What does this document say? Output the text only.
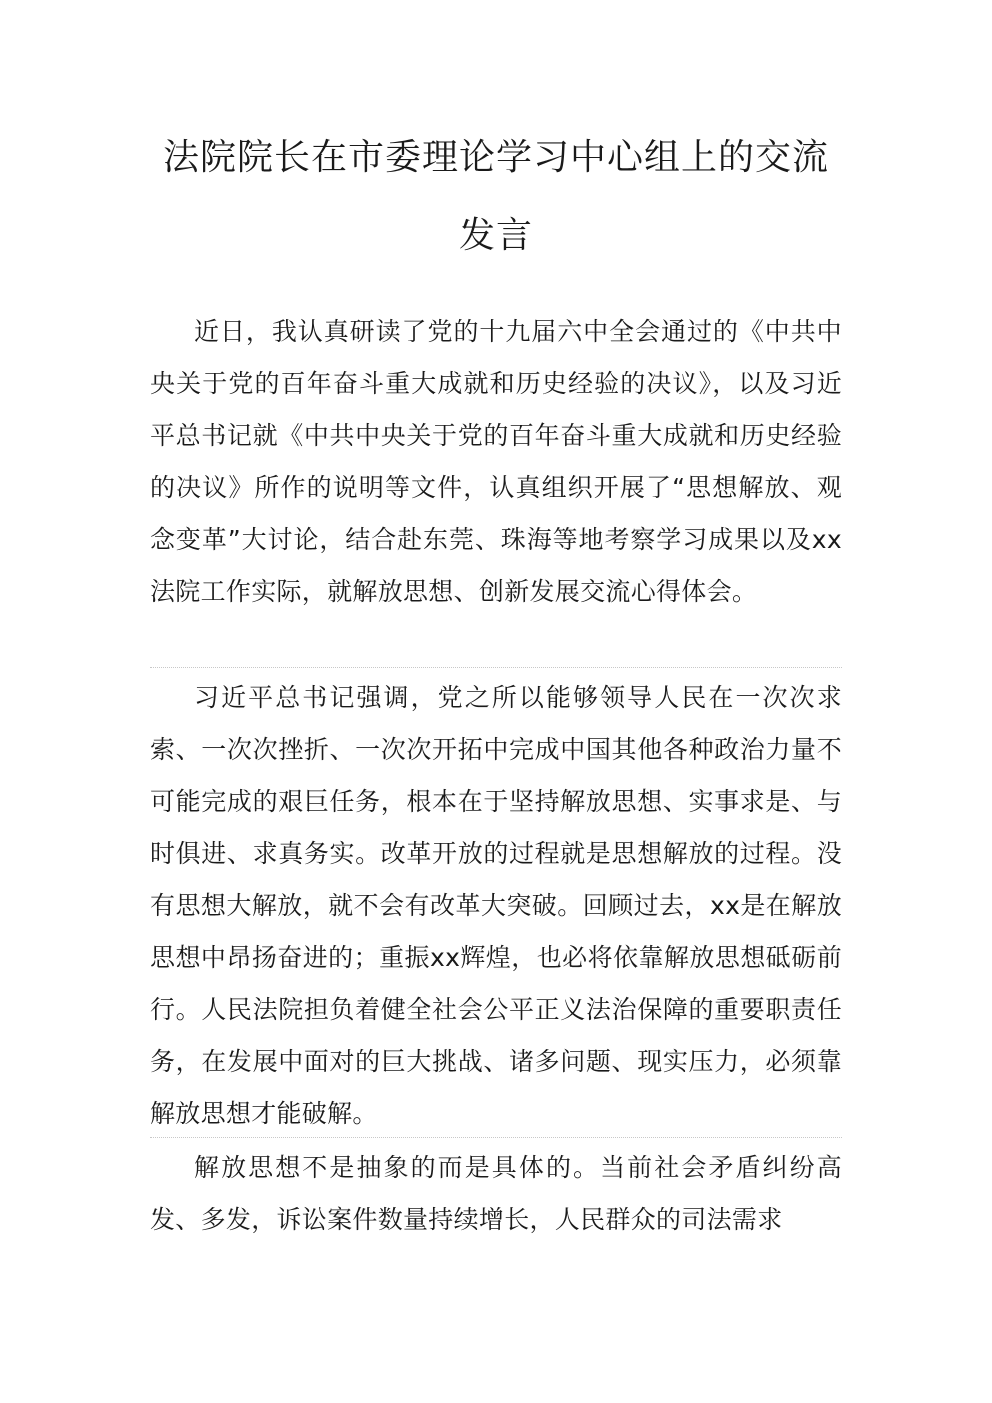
法院院长在市委理论学习中心组上的交流
发言

近日，我认真研读了党的十九届六中全会通过的《中共中央关于党的百年奋斗重大成就和历史经验的决议》，以及习近平总书记就《中共中央关于党的百年奋斗重大成就和历史经验的决议》所作的说明等文件，认真组织开展了“思想解放、观念变革”大讨论，结合赴东莞、珠海等地考察学习成果以及xx法院工作实际，就解放思想、创新发展交流心得体会。

习近平总书记强调，党之所以能够领导人民在一次次求索、一次次挫折、一次次开拓中完成中国其他各种政治力量不可能完成的艰巨任务，根本在于坚持解放思想、实事求是、与时俱进、求真务实。改革开放的过程就是思想解放的过程。没有思想大解放，就不会有改革大突破。回顾过去，xx是在解放思想中昂扬奋进的；重振xx辉煌，也必将依靠解放思想砥砺前行。人民法院担负着健全社会公平正义法治保障的重要职责任务，在发展中面对的巨大挑战、诸多问题、现实压力，必须靠解放思想才能破解。

解放思想不是抽象的而是具体的。当前社会矛盾纠纷高发、多发，诉讼案件数量持续增长，人民群众的司法需求
